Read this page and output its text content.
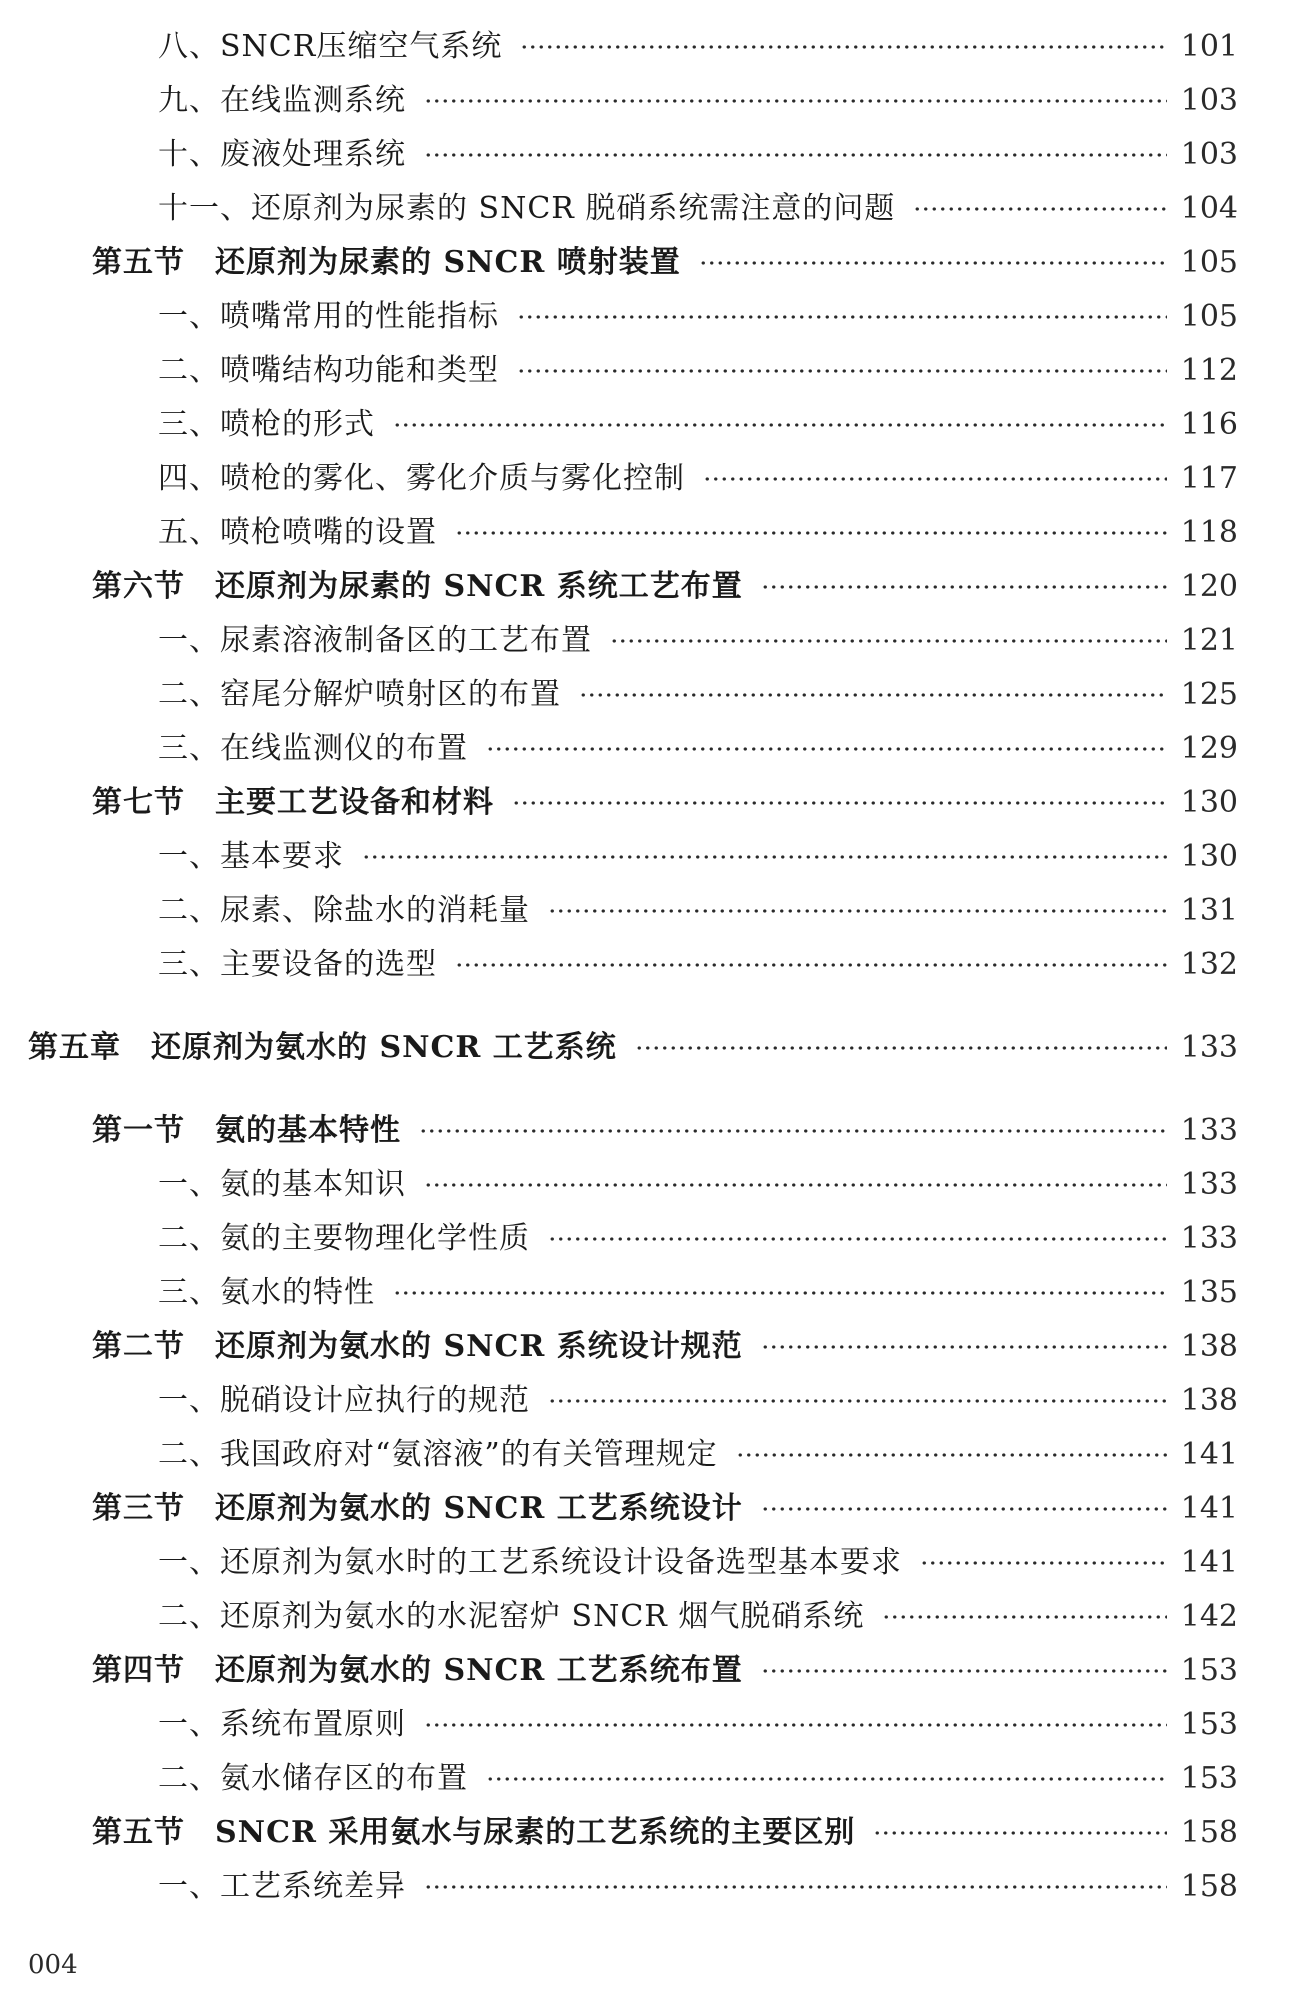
八、SNCR压缩空气系统	101
九、在线监测系统	103
十、废液处理系统	103
十一、还原剂为尿素的 SNCR 脱硝系统需注意的问题	104
第五节 还原剂为尿素的 SNCR 喷射装置	105
一、喷嘴常用的性能指标	105
二、喷嘴结构功能和类型	112
三、喷枪的形式	116
四、喷枪的雾化、雾化介质与雾化控制	117
五、喷枪喷嘴的设置	118
第六节 还原剂为尿素的 SNCR 系统工艺布置	120
一、尿素溶液制备区的工艺布置	121
二、窑尾分解炉喷射区的布置	125
三、在线监测仪的布置	129
第七节 主要工艺设备和材料	130
一、基本要求	130
二、尿素、除盐水的消耗量	131
三、主要设备的选型	132
第五章 还原剂为氨水的 SNCR 工艺系统	133
第一节 氨的基本特性	133
一、氨的基本知识	133
二、氨的主要物理化学性质	133
三、氨水的特性	135
第二节 还原剂为氨水的 SNCR 系统设计规范	138
一、脱硝设计应执行的规范	138
二、我国政府对“氨溶液”的有关管理规定	141
第三节 还原剂为氨水的 SNCR 工艺系统设计	141
一、还原剂为氨水时的工艺系统设计设备选型基本要求	141
二、还原剂为氨水的水泥窑炉 SNCR 烟气脱硝系统	142
第四节 还原剂为氨水的 SNCR 工艺系统布置	153
一、系统布置原则	153
二、氨水储存区的布置	153
第五节 SNCR 采用氨水与尿素的工艺系统的主要区别	158
一、工艺系统差异	158
004
